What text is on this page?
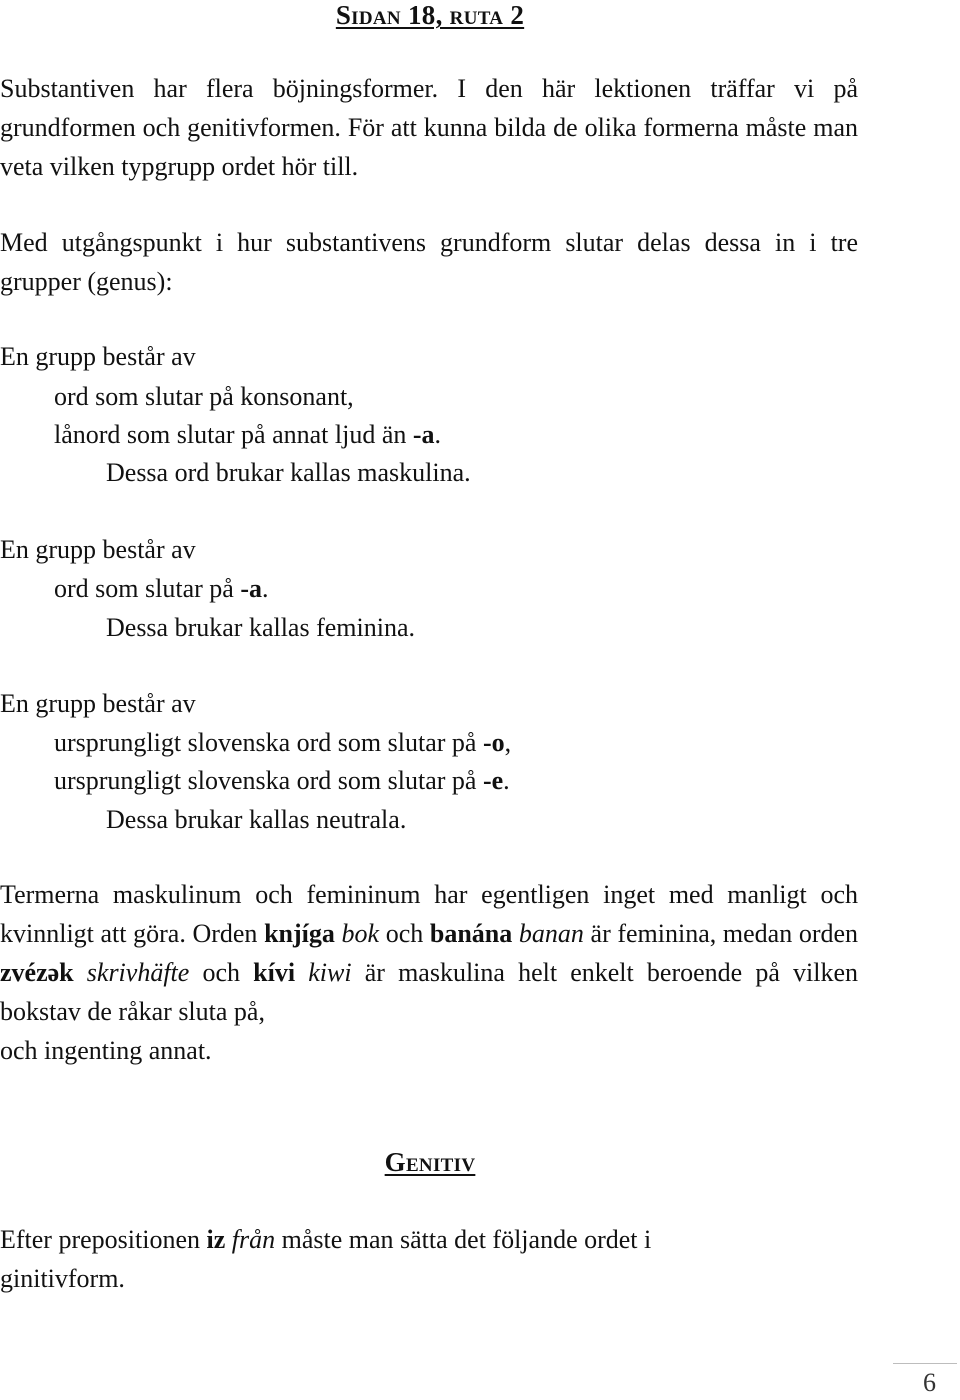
Sidan 18, ruta 2

Substantiven har flera böjningsformer. I den här lektionen träffar vi på grundformen och genitivformen. För att kunna bilda de olika formerna måste man veta vilken typgrupp ordet hör till.

Med utgångspunkt i hur substantivens grundform slutar delas dessa in i tre grupper (genus):

En grupp består av
ord som slutar på konsonant,
lånord som slutar på annat ljud än -a.
Dessa ord brukar kallas maskulina.
En grupp består av
ord som slutar på -a.
Dessa brukar kallas feminina.
En grupp består av
ursprungligt slovenska ord som slutar på -o,
ursprungligt slovenska ord som slutar på -e.
Dessa brukar kallas neutrala.

Termerna maskulinum och femininum har egentligen inget med manligt och kvinnligt att göra. Orden knjíga bok och banána banan är feminina, medan orden zvézək skrivhäfte och kívi kiwi är maskulina helt enkelt beroende på vilken bokstav de råkar sluta på,
och ingenting annat.

Genitiv

Efter prepositionen iz från måste man sätta det följande ordet i
ginitivform.

6
